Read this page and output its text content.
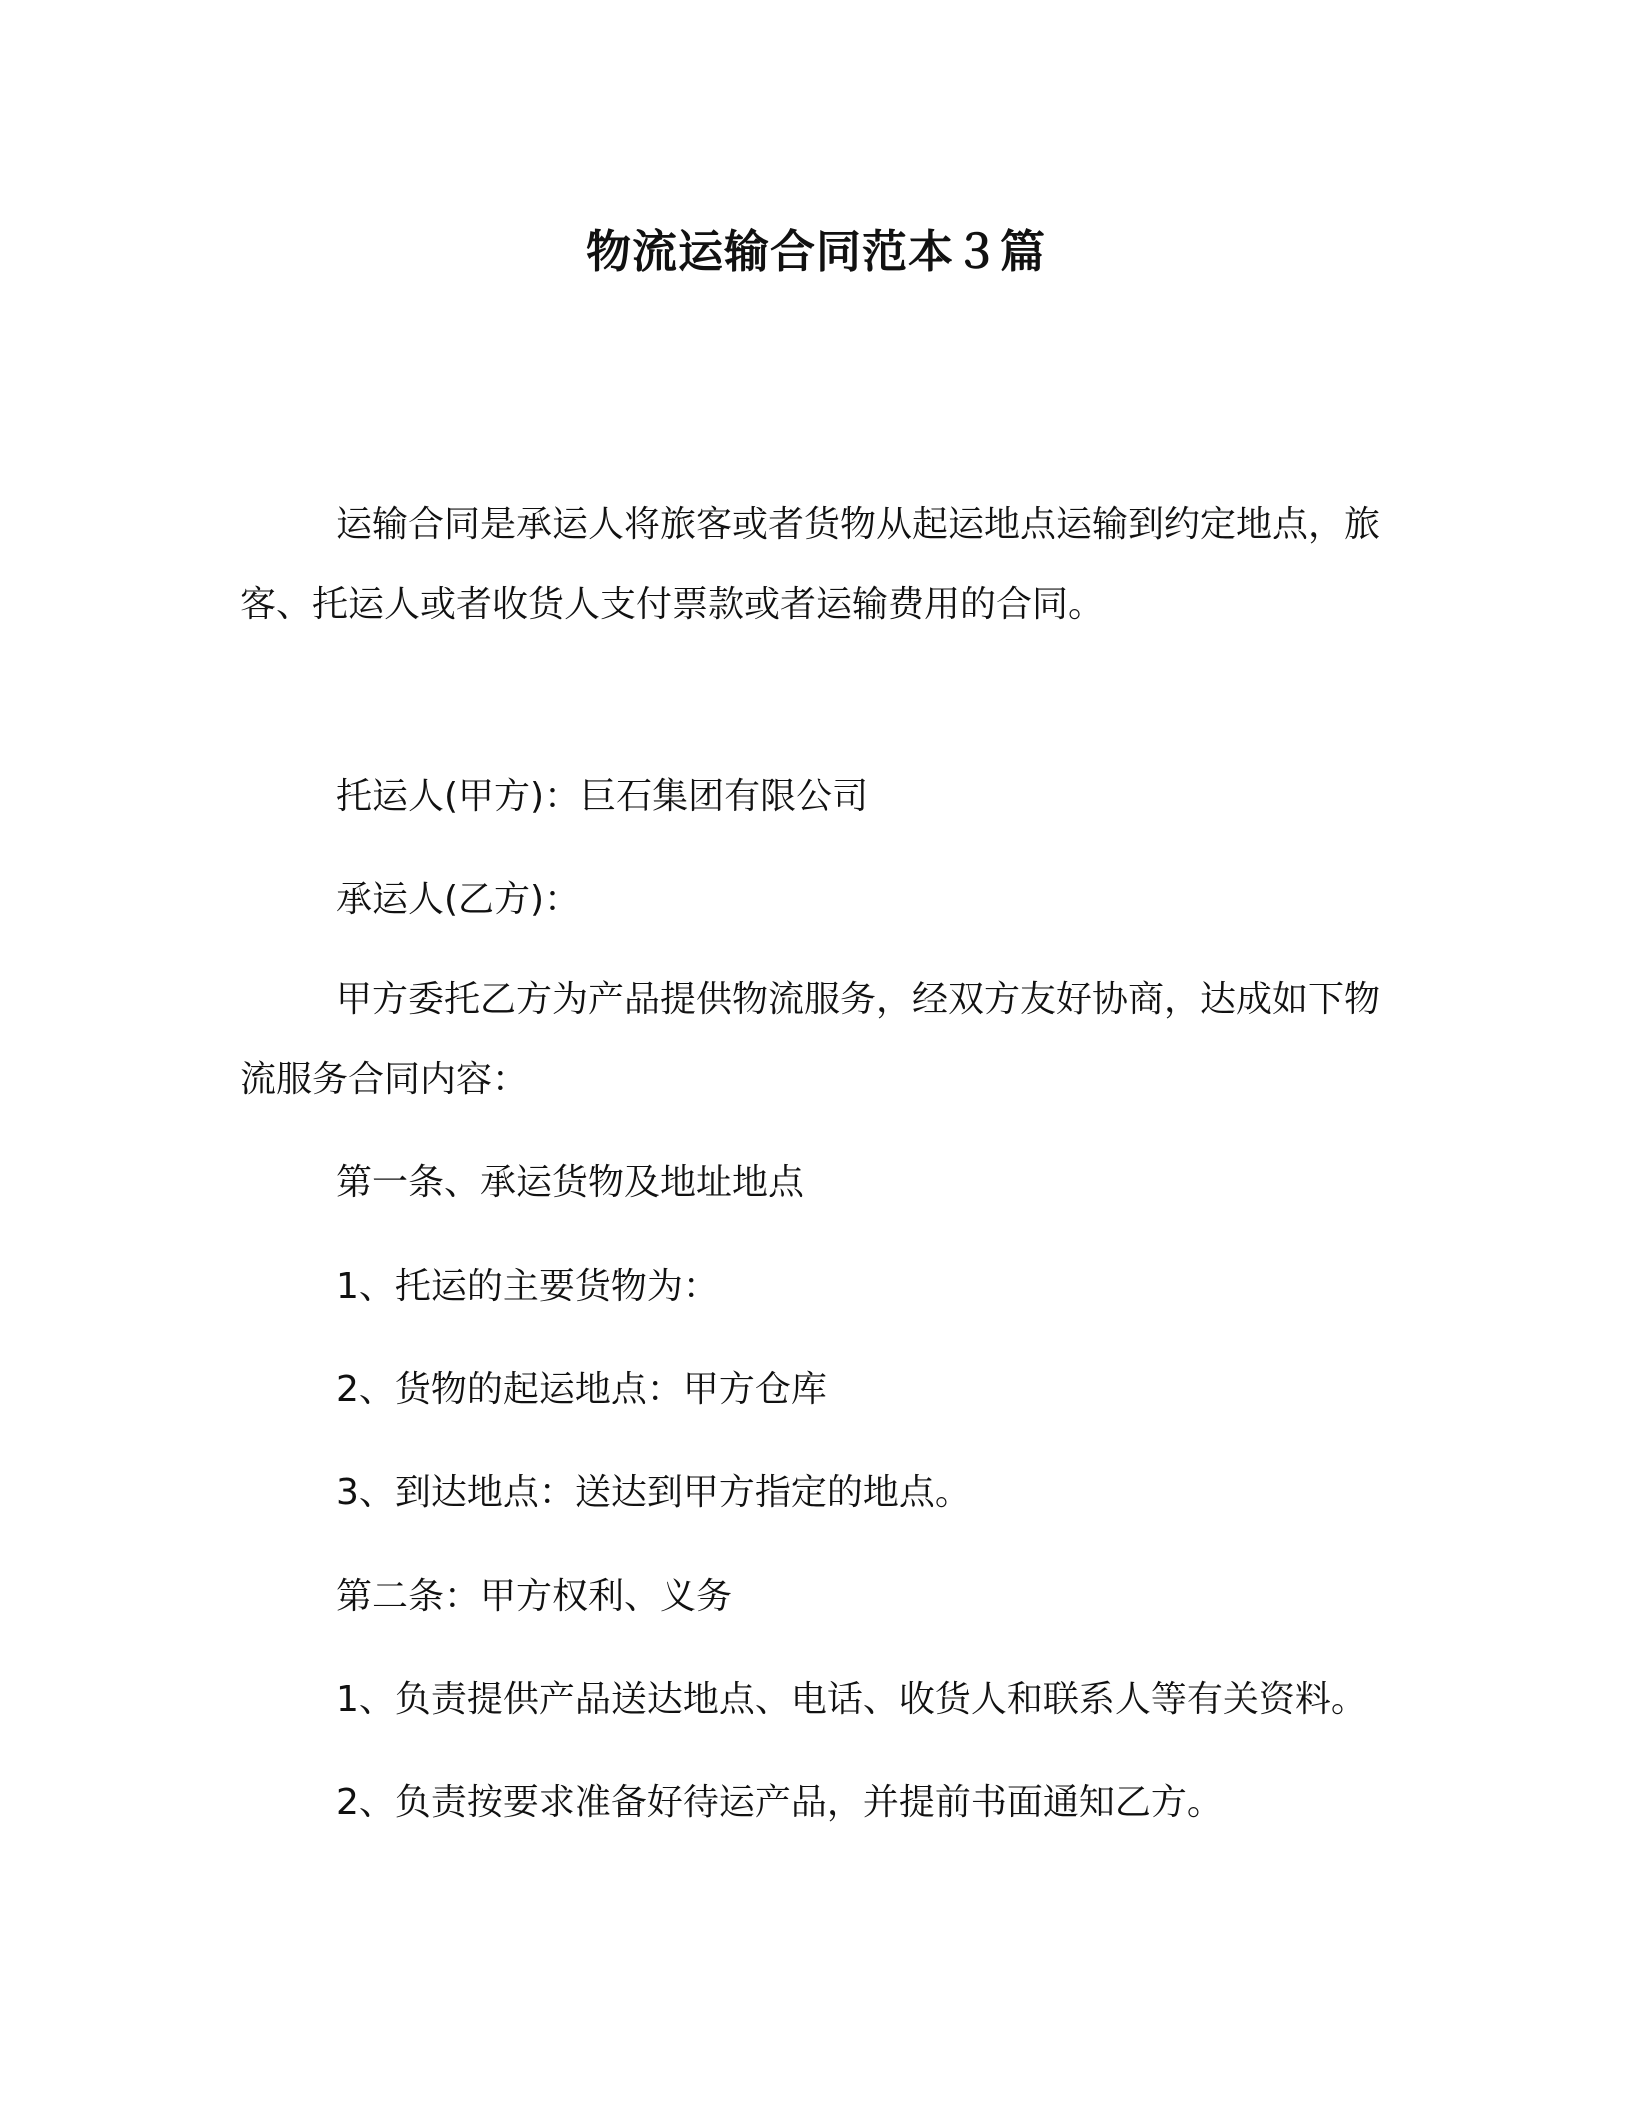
物流运输合同范本３篇
运输合同是承运人将旅客或者货物从起运地点运输到约定地点，旅客、托运人或者收货人支付票款或者运输费用的合同。
托运人(甲方)：巨石集团有限公司
承运人(乙方)：
甲方委托乙方为产品提供物流服务，经双方友好协商，达成如下物流服务合同内容：
第一条、承运货物及地址地点
1、托运的主要货物为：
2、货物的起运地点：甲方仓库
3、到达地点：送达到甲方指定的地点。
第二条：甲方权利、义务
1、负责提供产品送达地点、电话、收货人和联系人等有关资料。
2、负责按要求准备好待运产品，并提前书面通知乙方。
